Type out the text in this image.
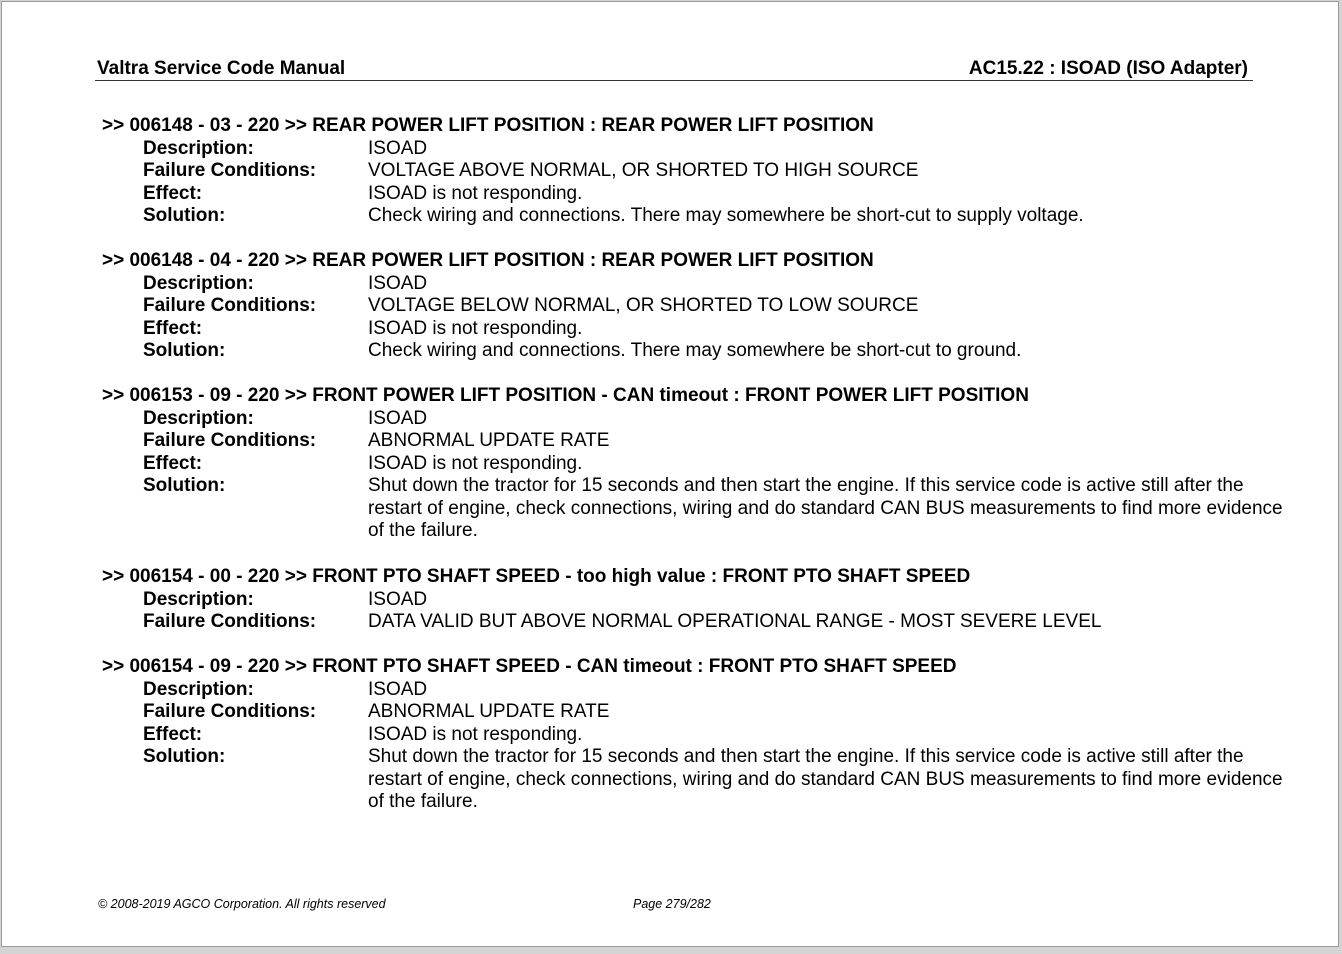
Valtra Service Code Manual	AC15.22 : ISOAD (ISO Adapter)
>> 006148 - 03 - 220 >> REAR POWER LIFT POSITION : REAR POWER LIFT POSITION
Description:	ISOAD
Failure Conditions:	VOLTAGE ABOVE NORMAL, OR SHORTED TO HIGH SOURCE
Effect:	ISOAD is not responding.
Solution:	Check wiring and connections. There may somewhere be short-cut to supply voltage.
>> 006148 - 04 - 220 >> REAR POWER LIFT POSITION : REAR POWER LIFT POSITION
Description:	ISOAD
Failure Conditions:	VOLTAGE BELOW NORMAL, OR SHORTED TO LOW SOURCE
Effect:	ISOAD is not responding.
Solution:	Check wiring and connections. There may somewhere be short-cut to ground.
>> 006153 - 09 - 220 >> FRONT POWER LIFT POSITION - CAN timeout : FRONT POWER LIFT POSITION
Description:	ISOAD
Failure Conditions:	ABNORMAL UPDATE RATE
Effect:	ISOAD is not responding.
Solution:	Shut down the tractor for 15 seconds and then start the engine. If this service code is active still after the restart of engine, check connections, wiring and do standard CAN BUS measurements to find more evidence of the failure.
>> 006154 - 00 - 220 >> FRONT PTO SHAFT SPEED - too high value : FRONT PTO SHAFT SPEED
Description:	ISOAD
Failure Conditions:	DATA VALID BUT ABOVE NORMAL OPERATIONAL RANGE - MOST SEVERE LEVEL
>> 006154 - 09 - 220 >> FRONT PTO SHAFT SPEED - CAN timeout : FRONT PTO SHAFT SPEED
Description:	ISOAD
Failure Conditions:	ABNORMAL UPDATE RATE
Effect:	ISOAD is not responding.
Solution:	Shut down the tractor for 15 seconds and then start the engine. If this service code is active still after the restart of engine, check connections, wiring and do standard CAN BUS measurements to find more evidence of the failure.
© 2008-2019 AGCO Corporation. All rights reserved	Page 279/282
